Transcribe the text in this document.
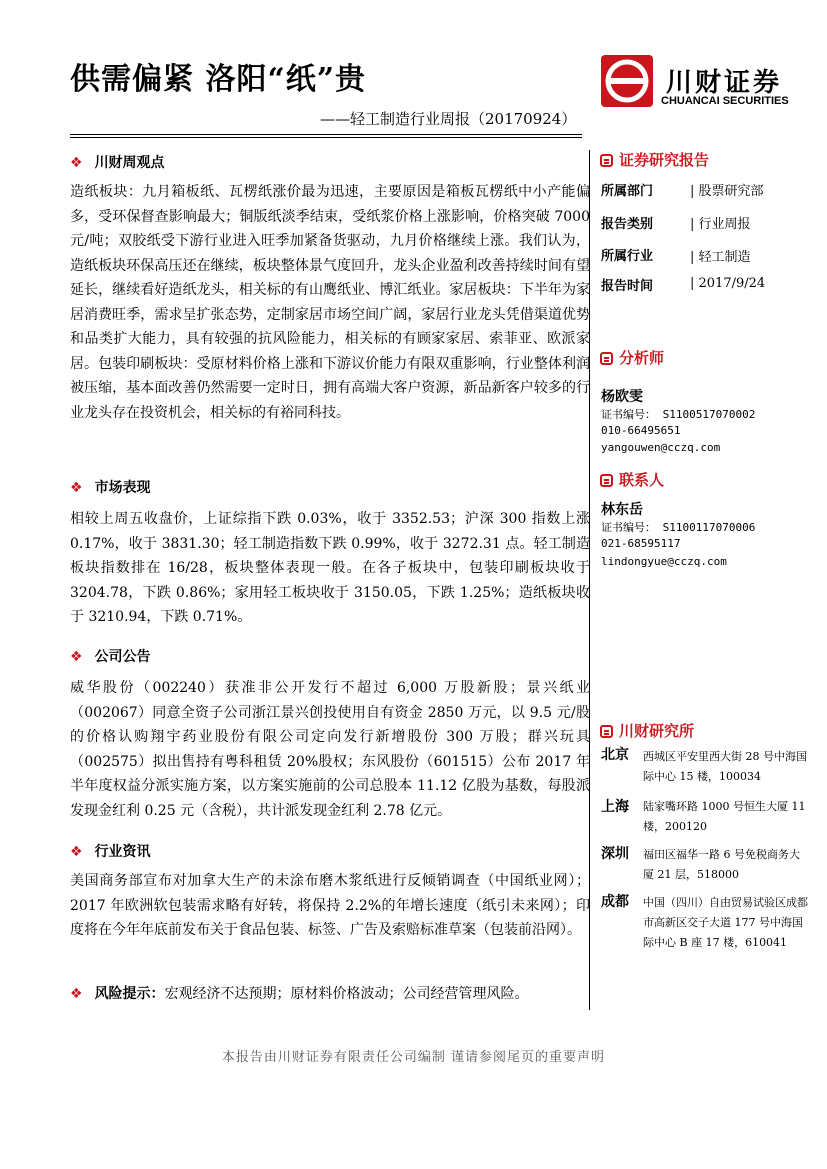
供需偏紧 洛阳“纸”贵
——轻工制造行业周报（20170924）
川财证券
CHUANCAI SECURITIES
❖ 川财周观点
造纸板块：九月箱板纸、瓦楞纸涨价最为迅速，主要原因是箱板瓦楞纸中小产能偏多，受环保督查影响最大；铜版纸淡季结束，受纸浆价格上涨影响，价格突破 7000 元/吨；双胶纸受下游行业进入旺季加紧备货驱动，九月价格继续上涨。我们认为，造纸板块环保高压还在继续，板块整体景气度回升，龙头企业盈利改善持续时间有望延长，继续看好造纸龙头，相关标的有山鹰纸业、博汇纸业。家居板块：下半年为家居消费旺季，需求呈扩张态势，定制家居市场空间广阔，家居行业龙头凭借渠道优势和品类扩大能力，具有较强的抗风险能力，相关标的有顾家家居、索菲亚、欧派家居。包装印刷板块：受原材料价格上涨和下游议价能力有限双重影响，行业整体利润被压缩，基本面改善仍然需要一定时日，拥有高端大客户资源，新品新客户较多的行业龙头存在投资机会，相关标的有裕同科技。
❖ 市场表现
相较上周五收盘价，上证综指下跌 0.03%，收于 3352.53；沪深 300 指数上涨 0.17%，收于 3831.30；轻工制造指数下跌 0.99%，收于 3272.31 点。轻工制造板块指数排在 16/28，板块整体表现一般。在各子板块中，包装印刷板块收于 3204.78，下跌 0.86%；家用轻工板块收于 3150.05，下跌 1.25%；造纸板块收于 3210.94，下跌 0.71%。
❖ 公司公告
威华股份（002240）获准非公开发行不超过 6,000 万股新股；景兴纸业（002067）同意全资子公司浙江景兴创投使用自有资金 2850 万元，以 9.5 元/股的价格认购翔宇药业股份有限公司定向发行新增股份 300 万股；群兴玩具（002575）拟出售持有粤科租赁 20%股权；东风股份（601515）公布 2017 年半年度权益分派实施方案，以方案实施前的公司总股本 11.12 亿股为基数，每股派发现金红利 0.25 元（含税），共计派发现金红利 2.78 亿元。
❖ 行业资讯
美国商务部宣布对加拿大生产的未涂布磨木浆纸进行反倾销调查（中国纸业网）；2017 年欧洲软包装需求略有好转，将保持 2.2%的年增长速度（纸引未来网）；印度将在今年年底前发布关于食品包装、标签、广告及索赔标准草案（包装前沿网）。
❖ 风险提示：宏观经济不达预期；原材料价格波动；公司经营管理风险。
证券研究报告
所属部门	| 股票研究部
报告类别	| 行业周报
所属行业	| 轻工制造
报告时间	| 2017/9/24
分析师
杨欧雯
证书编号： S1100517070002
010-66495651
yangouwen@cczq.com
联系人
林东岳
证书编号： S1100117070006
021-68595117
lindongyue@cczq.com
川财研究所
北京 西城区平安里西大街 28 号中海国际中心 15 楼，100034
上海 陆家嘴环路 1000 号恒生大厦 11 楼，200120
深圳 福田区福华一路 6 号免税商务大厦 21 层，518000
成都 中国（四川）自由贸易试验区成都市高新区交子大道 177 号中海国际中心 B 座 17 楼，610041
本报告由川财证券有限责任公司编制 谨请参阅尾页的重要声明
